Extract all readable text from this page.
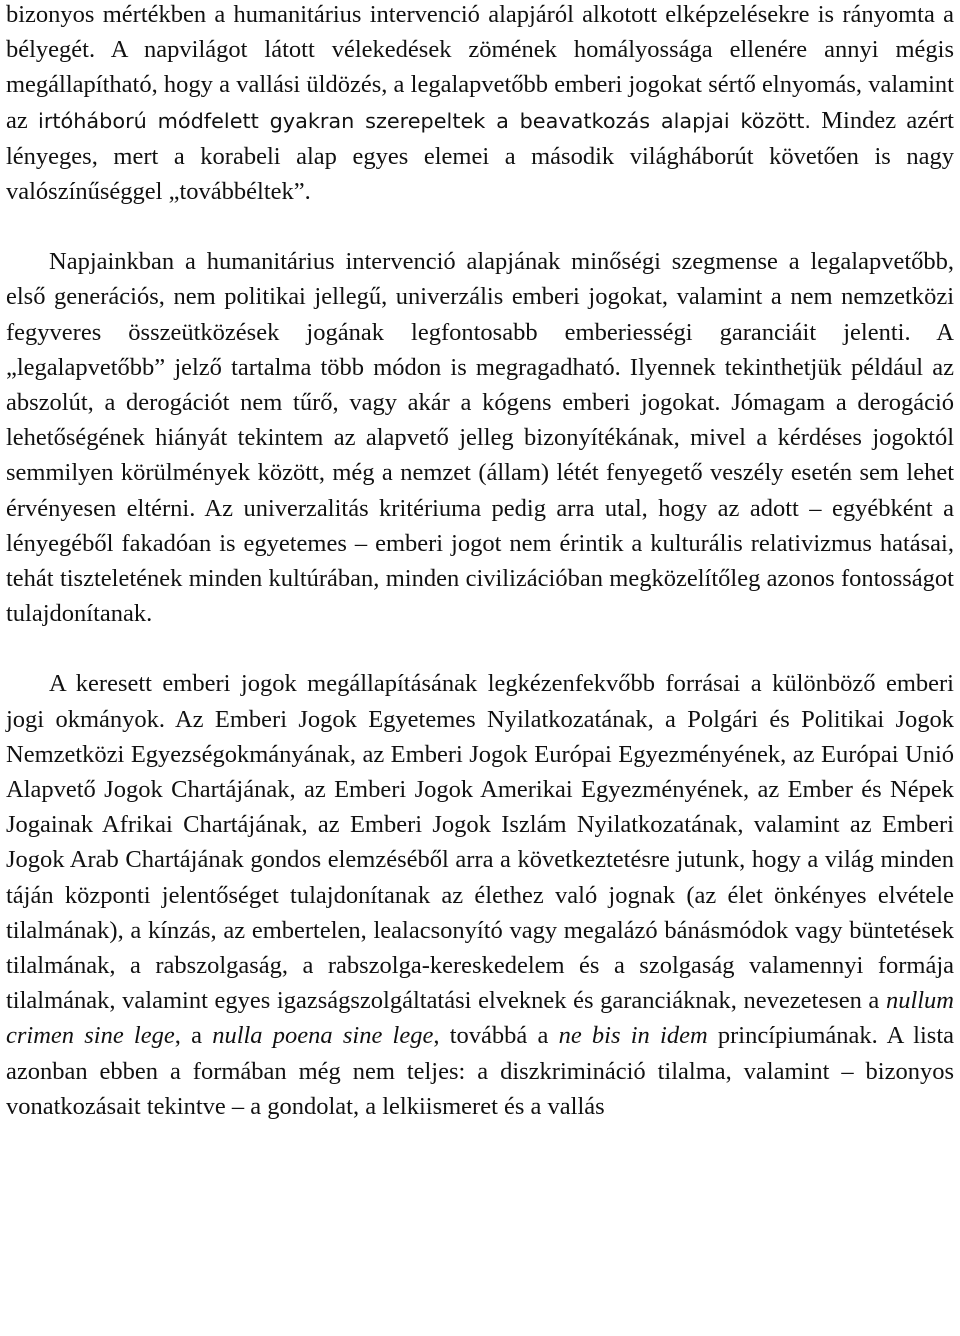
bizonyos mértékben a humanitárius intervenció alapjáról alkotott elképzelésekre is rányomta a bélyegét. A napvilágot látott vélekedések zömének homályossága ellenére annyi mégis megállapítható, hogy a vallási üldözés, a legalapvetőbb emberi jogokat sértő elnyomás, valamint az irtóháború módfelett gyakran szerepeltek a beavatkozás alapjai között. Mindez azért lényeges, mert a korabeli alap egyes elemei a második világháborút követően is nagy valószínűséggel „továbbéltek”.

Napjainkban a humanitárius intervenció alapjának minőségi szegmense a legalapvetőbb, első generációs, nem politikai jellegű, univerzális emberi jogokat, valamint a nem nemzetközi fegyveres összeütközések jogának legfontosabb emberiességi garanciáit jelenti. A „legalapvetőbb” jelző tartalma több módon is megragadható. Ilyennek tekinthetjük például az abszolút, a derogációt nem tűrő, vagy akár a kógens emberi jogokat. Jómagam a derogáció lehetőségének hiányát tekintem az alapvető jelleg bizonyítékának, mivel a kérdéses jogoktól semmilyen körülmények között, még a nemzet (állam) létét fenyegető veszély esetén sem lehet érvényesen eltérni. Az univerzalitás kritériuma pedig arra utal, hogy az adott – egyébként a lényegéből fakadóan is egyetemes – emberi jogot nem érintik a kulturális relativizmus hatásai, tehát tiszteletének minden kultúrában, minden civilizációban megközelítőleg azonos fontosságot tulajdonítanak.

A keresett emberi jogok megállapításának legkézenfekvőbb forrásai a különböző emberi jogi okmányok. Az Emberi Jogok Egyetemes Nyilatkozatának, a Polgári és Politikai Jogok Nemzetközi Egyezségokmányának, az Emberi Jogok Európai Egyezményének, az Európai Unió Alapvető Jogok Chartájának, az Emberi Jogok Amerikai Egyezményének, az Ember és Népek Jogainak Afrikai Chartájának, az Emberi Jogok Iszlám Nyilatkozatának, valamint az Emberi Jogok Arab Chartájának gondos elemzéséből arra a következtetésre jutunk, hogy a világ minden táján központi jelentőséget tulajdonítanak az élethez való jognak (az élet önkényes elvétele tilalmának), a kínzás, az embertelen, lealacsonyító vagy megalázó bánásmódok vagy büntetések tilalmának, a rabszolgaság, a rabszolga-kereskedelem és a szolgaság valamennyi formája tilalmának, valamint egyes igazságszolgáltatási elveknek és garanciáknak, nevezetesen a nullum crimen sine lege, a nulla poena sine lege, továbbá a ne bis in idem princípiumának. A lista azonban ebben a formában még nem teljes: a diszkrimináció tilalma, valamint – bizonyos vonatkozásait tekintve – a gondolat, a lelkiismeret és a vallás
